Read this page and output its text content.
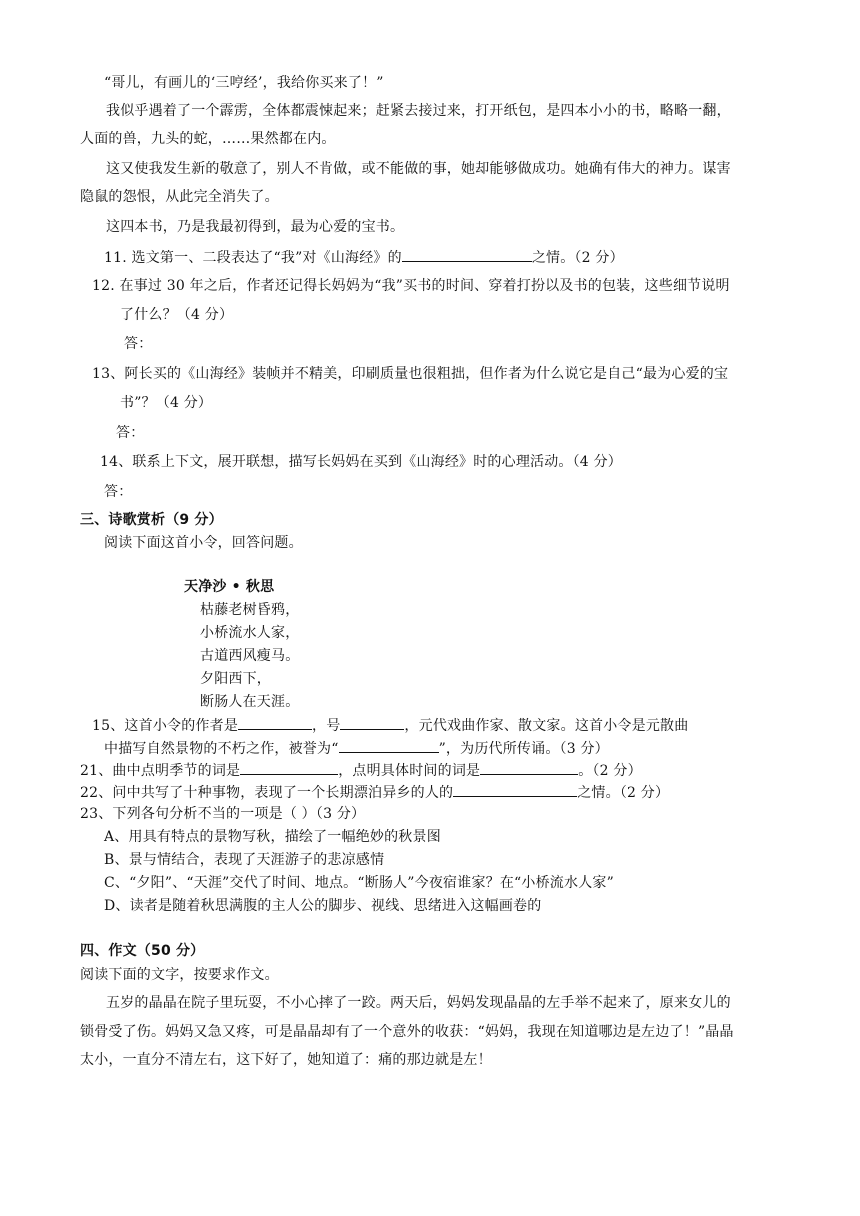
“哥儿，有画儿的‘三哼经’，我给你买来了！”
我似乎遇着了一个霹雳，全体都震悚起来；赶紧去接过来，打开纸包，是四本小小的书，略略一翻，
人面的兽，九头的蛇，……果然都在内。
这又使我发生新的敬意了，别人不肯做，或不能做的事，她却能够做成功。她确有伟大的神力。谋害
隐鼠的怨恨，从此完全消失了。
这四本书，乃是我最初得到，最为心爱的宝书。
11. 选文第一、二段表达了“我”对《山海经》的	之情。（2 分）
12. 在事过 30 年之后，作者还记得长妈妈为“我”买书的时间、穿着打扮以及书的包装，这些细节说明
了什么？（4 分）
答：
13、阿长买的《山海经》装帧并不精美，印刷质量也很粗拙，但作者为什么说它是自己“最为心爱的宝
书”？（4 分）
答：
14、联系上下文，展开联想，描写长妈妈在买到《山海经》时的心理活动。（4 分）
答：
三、诗歌赏析（9 分）
阅读下面这首小令，回答问题。
天净沙 • 秋思
枯藤老树昏鸦，
小桥流水人家，
古道西风瘦马。
夕阳西下，
断肠人在天涯。
15、这首小令的作者是	，号	，元代戏曲作家、散文家。这首小令是元散曲
中描写自然景物的不朽之作，被誉为“	”，为历代所传诵。（3 分）
21、曲中点明季节的词是	，点明具体时间的词是	。（2 分）
22、问中共写了十种事物，表现了一个长期漂泊异乡的人的	之情。（2 分）
23、下列各句分析不当的一项是（ ）（3 分）
A、用具有特点的景物写秋，描绘了一幅绝妙的秋景图
B、景与情结合，表现了天涯游子的悲凉感情
C、“夕阳”、“天涯”交代了时间、地点。“断肠人”今夜宿谁家？在“小桥流水人家”
D、读者是随着秋思满腹的主人公的脚步、视线、思绪进入这幅画卷的
四、作文（50 分）
阅读下面的文字，按要求作文。
五岁的晶晶在院子里玩耍，不小心摔了一跤。两天后，妈妈发现晶晶的左手举不起来了，原来女儿的
锁骨受了伤。妈妈又急又疼，可是晶晶却有了一个意外的收获：“妈妈，我现在知道哪边是左边了！”晶晶
太小，一直分不清左右，这下好了，她知道了：痛的那边就是左！
